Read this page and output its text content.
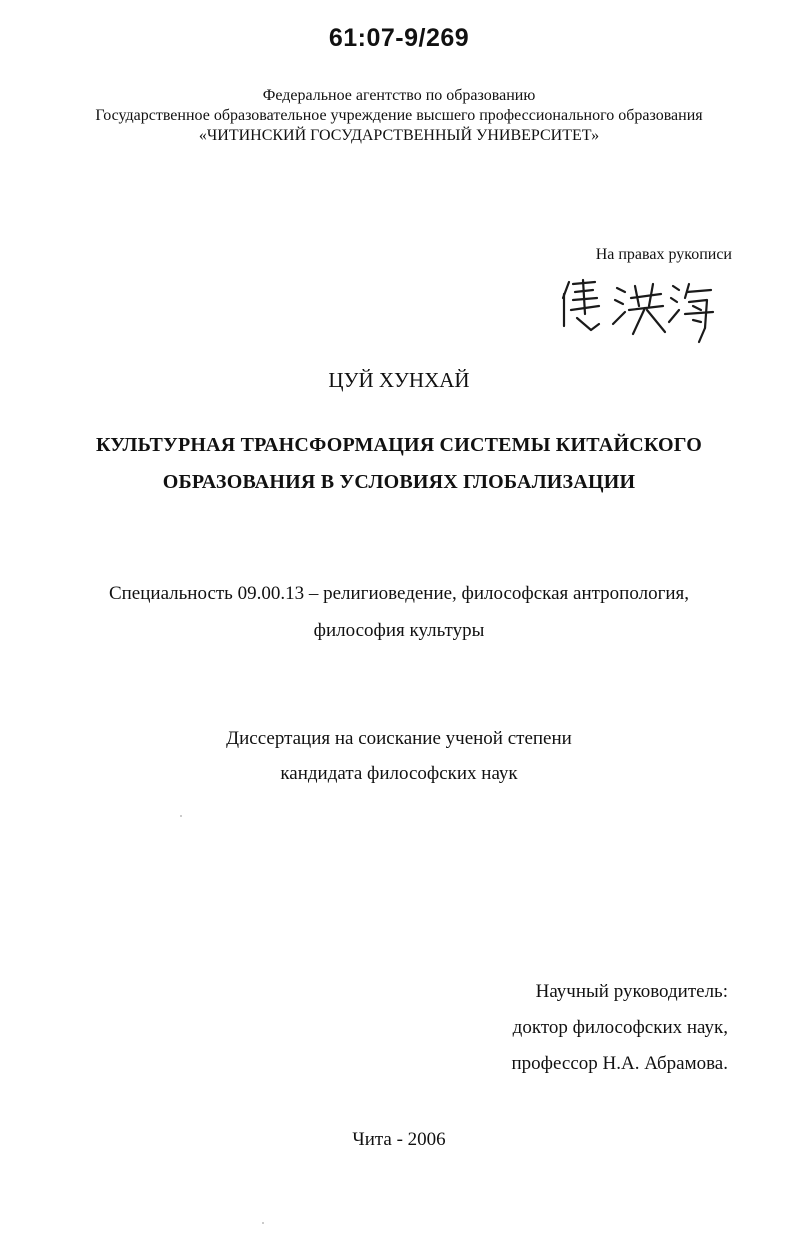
61:07-9/269
Федеральное агентство по образованию
Государственное образовательное учреждение высшего профессионального образования
«ЧИТИНСКИЙ ГОСУДАРСТВЕННЫЙ УНИВЕРСИТЕТ»
На правах рукописи
ЦУЙ ХУНХАЙ
КУЛЬТУРНАЯ ТРАНСФОРМАЦИЯ СИСТЕМЫ КИТАЙСКОГО
ОБРАЗОВАНИЯ В УСЛОВИЯХ ГЛОБАЛИЗАЦИИ
Специальность 09.00.13 – религиоведение, философская антропология,
философия культуры
Диссертация на соискание ученой степени
кандидата философских наук
Научный руководитель:
доктор философских наук,
профессор Н.А. Абрамова.
Чита - 2006
